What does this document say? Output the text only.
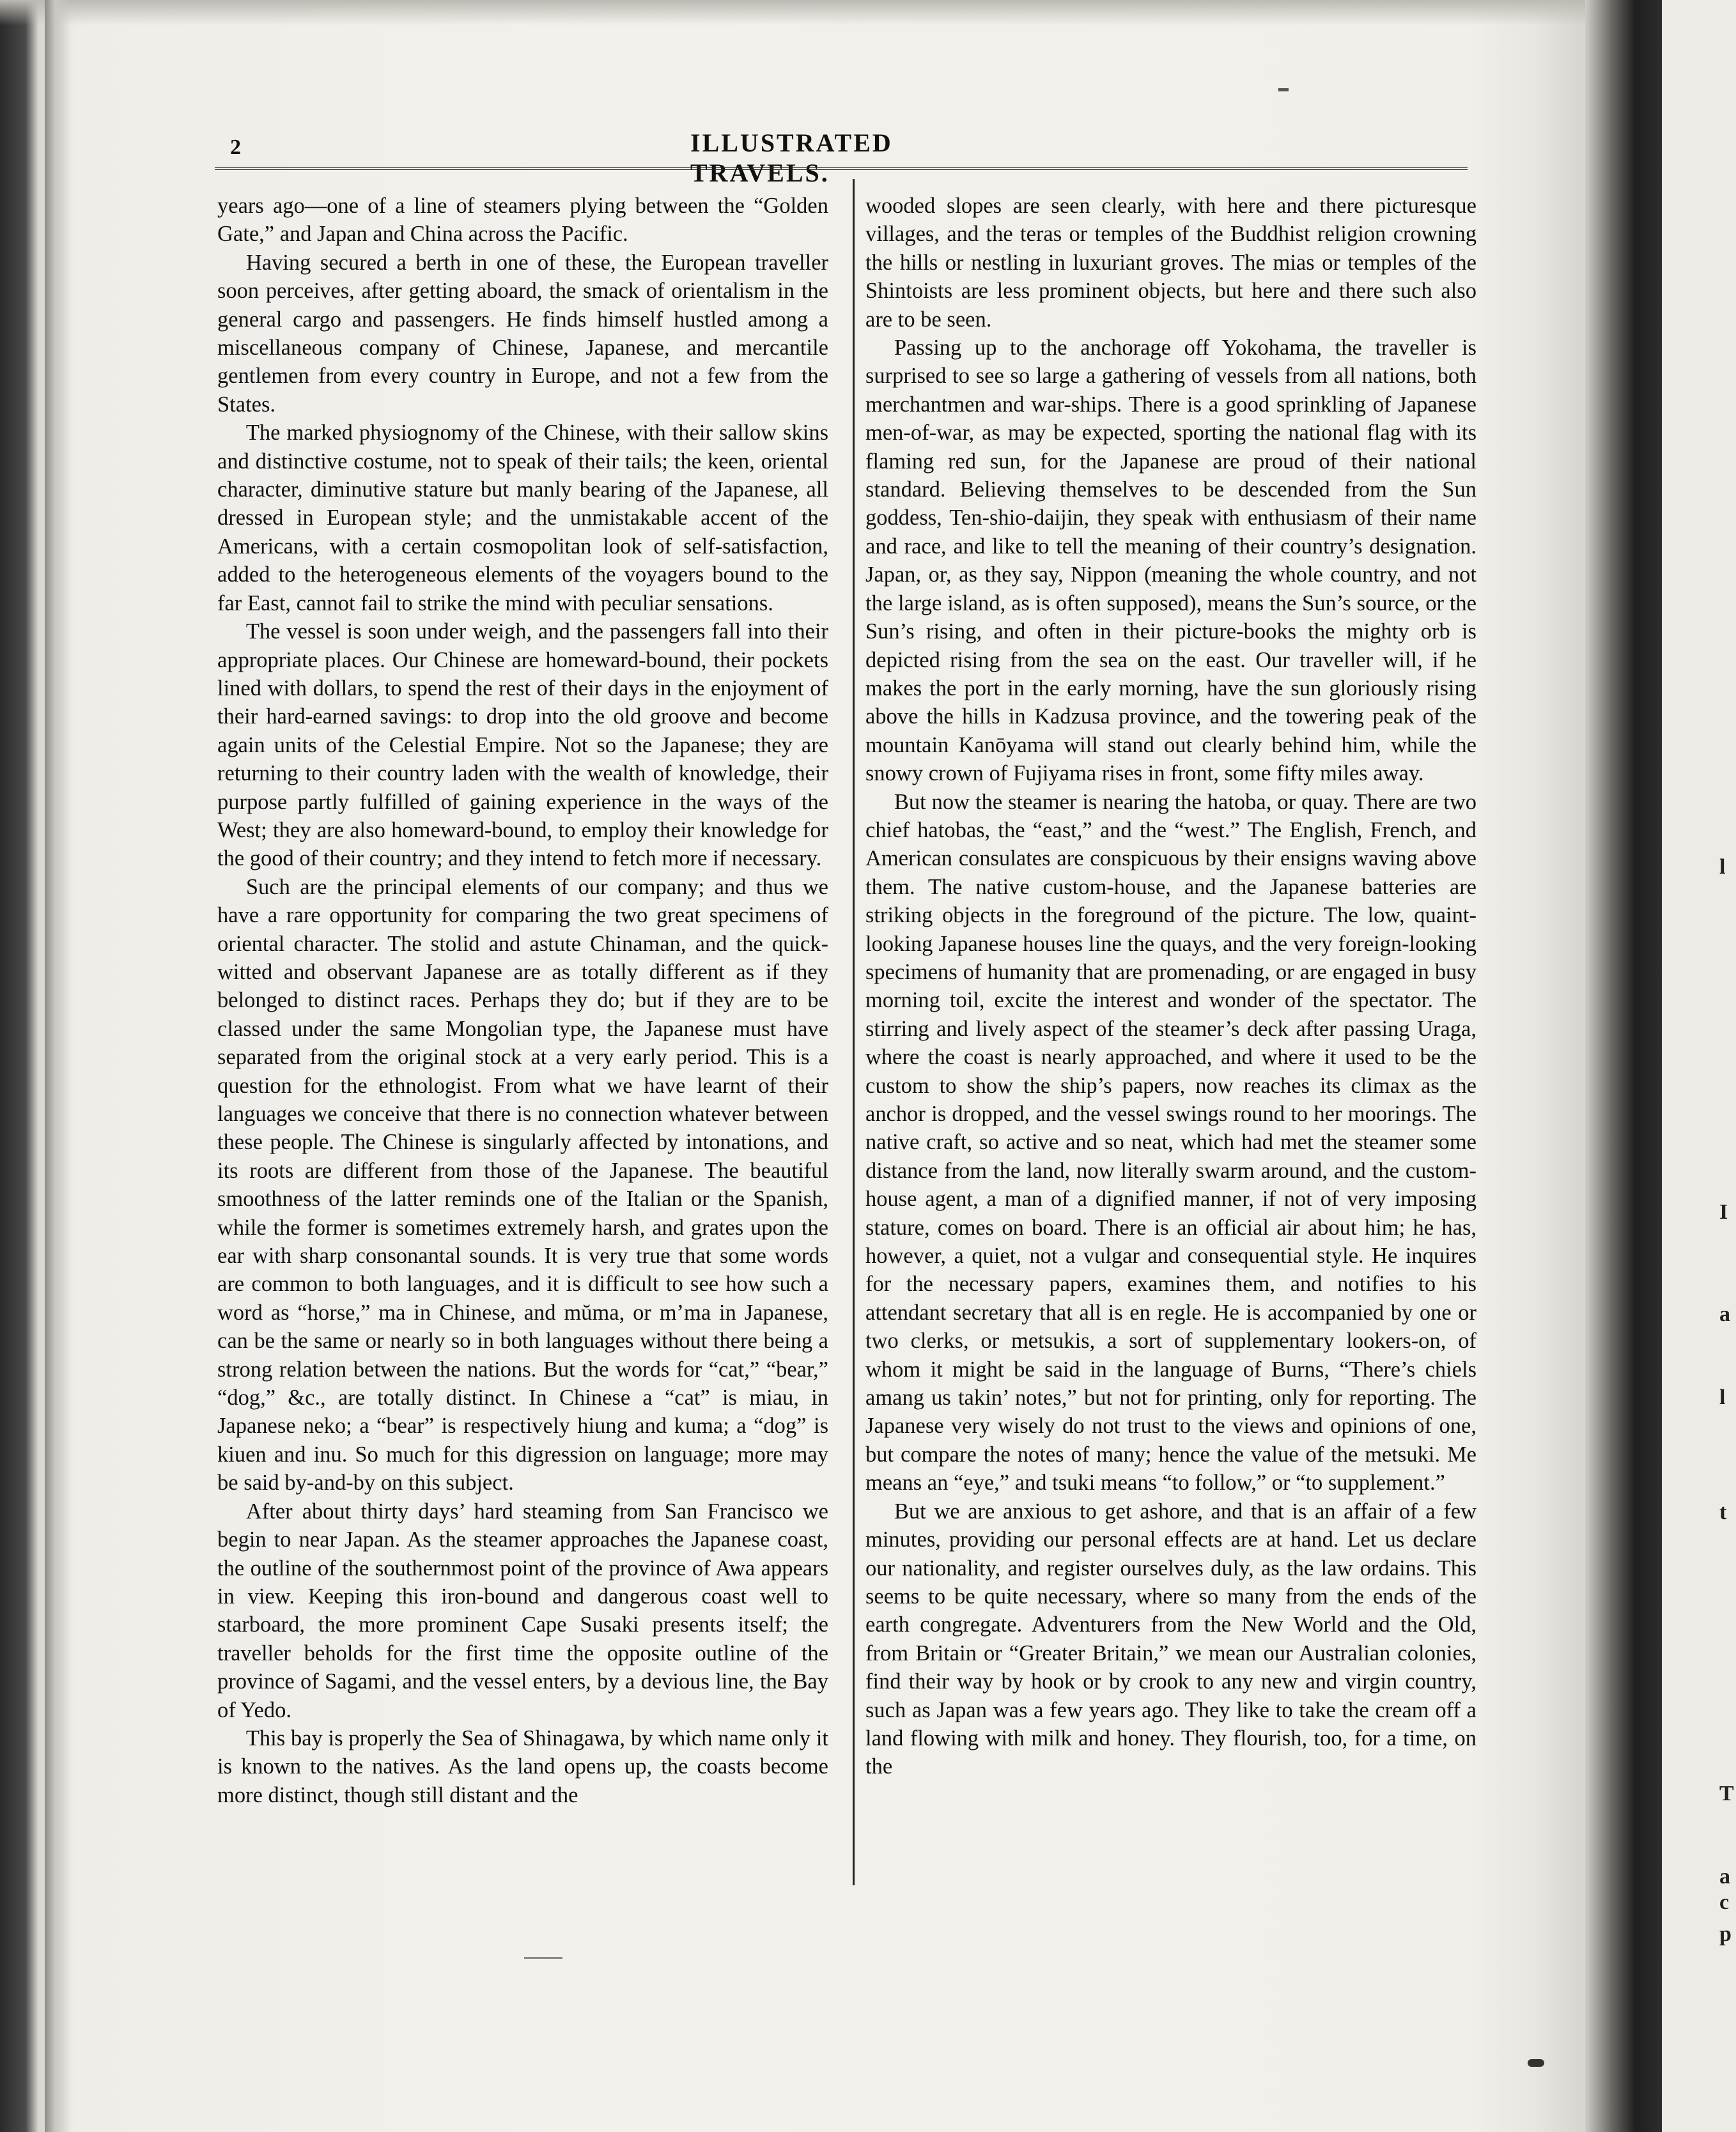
l
I
a
l
t
T
a
c
p
2	ILLUSTRATED TRAVELS.

years ago—one of a line of steamers plying between the “Golden Gate,” and Japan and China across the Pacific.

Having secured a berth in one of these, the European traveller soon perceives, after getting aboard, the smack of orientalism in the general cargo and passengers. He finds himself hustled among a miscellaneous company of Chinese, Japanese, and mercantile gentlemen from every country in Europe, and not a few from the States.

The marked physiognomy of the Chinese, with their sallow skins and distinctive costume, not to speak of their tails; the keen, oriental character, diminutive stature but manly bearing of the Japanese, all dressed in European style; and the unmistakable accent of the Americans, with a certain cosmopolitan look of self-satisfaction, added to the heterogeneous elements of the voyagers bound to the far East, cannot fail to strike the mind with peculiar sensations.

The vessel is soon under weigh, and the passengers fall into their appropriate places. Our Chinese are homeward-bound, their pockets lined with dollars, to spend the rest of their days in the enjoyment of their hard-earned savings: to drop into the old groove and become again units of the Celestial Empire. Not so the Japanese; they are returning to their country laden with the wealth of knowledge, their purpose partly fulfilled of gaining experience in the ways of the West; they are also homeward-bound, to employ their knowledge for the good of their country; and they intend to fetch more if necessary.

Such are the principal elements of our company; and thus we have a rare opportunity for comparing the two great specimens of oriental character. The stolid and astute Chinaman, and the quick-witted and observant Japanese are as totally different as if they belonged to distinct races. Perhaps they do; but if they are to be classed under the same Mongolian type, the Japanese must have separated from the original stock at a very early period. This is a question for the ethnologist. From what we have learnt of their languages we conceive that there is no connection whatever between these people. The Chinese is singularly affected by intonations, and its roots are different from those of the Japanese. The beautiful smoothness of the latter reminds one of the Italian or the Spanish, while the former is sometimes extremely harsh, and grates upon the ear with sharp consonantal sounds. It is very true that some words are common to both languages, and it is difficult to see how such a word as “horse,” ma in Chinese, and mŭma, or m’ma in Japanese, can be the same or nearly so in both languages without there being a strong relation between the nations. But the words for “cat,” “bear,” “dog,” &c., are totally distinct. In Chinese a “cat” is miau, in Japanese neko; a “bear” is respectively hiung and kuma; a “dog” is kiuen and inu. So much for this digression on language; more may be said by-and-by on this subject.

After about thirty days’ hard steaming from San Francisco we begin to near Japan. As the steamer approaches the Japanese coast, the outline of the southernmost point of the province of Awa appears in view. Keeping this iron-bound and dangerous coast well to starboard, the more prominent Cape Susaki presents itself; the traveller beholds for the first time the opposite outline of the province of Sagami, and the vessel enters, by a devious line, the Bay of Yedo.

This bay is properly the Sea of Shinagawa, by which name only it is known to the natives. As the land opens up, the coasts become more distinct, though still distant and the

wooded slopes are seen clearly, with here and there picturesque villages, and the teras or temples of the Buddhist religion crowning the hills or nestling in luxuriant groves. The mias or temples of the Shintoists are less prominent objects, but here and there such also are to be seen.

Passing up to the anchorage off Yokohama, the traveller is surprised to see so large a gathering of vessels from all nations, both merchantmen and war-ships. There is a good sprinkling of Japanese men-of-war, as may be expected, sporting the national flag with its flaming red sun, for the Japanese are proud of their national standard. Believing themselves to be descended from the Sun goddess, Ten-shio-daijin, they speak with enthusiasm of their name and race, and like to tell the meaning of their country’s designation. Japan, or, as they say, Nippon (meaning the whole country, and not the large island, as is often supposed), means the Sun’s source, or the Sun’s rising, and often in their picture-books the mighty orb is depicted rising from the sea on the east. Our traveller will, if he makes the port in the early morning, have the sun gloriously rising above the hills in Kadzusa province, and the towering peak of the mountain Kanōyama will stand out clearly behind him, while the snowy crown of Fujiyama rises in front, some fifty miles away.

But now the steamer is nearing the hatoba, or quay. There are two chief hatobas, the “east,” and the “west.” The English, French, and American consulates are conspicuous by their ensigns waving above them. The native custom-house, and the Japanese batteries are striking objects in the foreground of the picture. The low, quaint-looking Japanese houses line the quays, and the very foreign-looking specimens of humanity that are promenading, or are engaged in busy morning toil, excite the interest and wonder of the spectator. The stirring and lively aspect of the steamer’s deck after passing Uraga, where the coast is nearly approached, and where it used to be the custom to show the ship’s papers, now reaches its climax as the anchor is dropped, and the vessel swings round to her moorings. The native craft, so active and so neat, which had met the steamer some distance from the land, now literally swarm around, and the custom-house agent, a man of a dignified manner, if not of very imposing stature, comes on board. There is an official air about him; he has, however, a quiet, not a vulgar and consequential style. He inquires for the necessary papers, examines them, and notifies to his attendant secretary that all is en regle. He is accompanied by one or two clerks, or metsukis, a sort of supplementary lookers-on, of whom it might be said in the language of Burns, “There’s chiels amang us takin’ notes,” but not for printing, only for reporting. The Japanese very wisely do not trust to the views and opinions of one, but compare the notes of many; hence the value of the metsuki. Me means an “eye,” and tsuki means “to follow,” or “to supplement.”

But we are anxious to get ashore, and that is an affair of a few minutes, providing our personal effects are at hand. Let us declare our nationality, and register ourselves duly, as the law ordains. This seems to be quite necessary, where so many from the ends of the earth congregate. Adventurers from the New World and the Old, from Britain or “Greater Britain,” we mean our Australian colonies, find their way by hook or by crook to any new and virgin country, such as Japan was a few years ago. They like to take the cream off a land flowing with milk and honey. They flourish, too, for a time, on the
